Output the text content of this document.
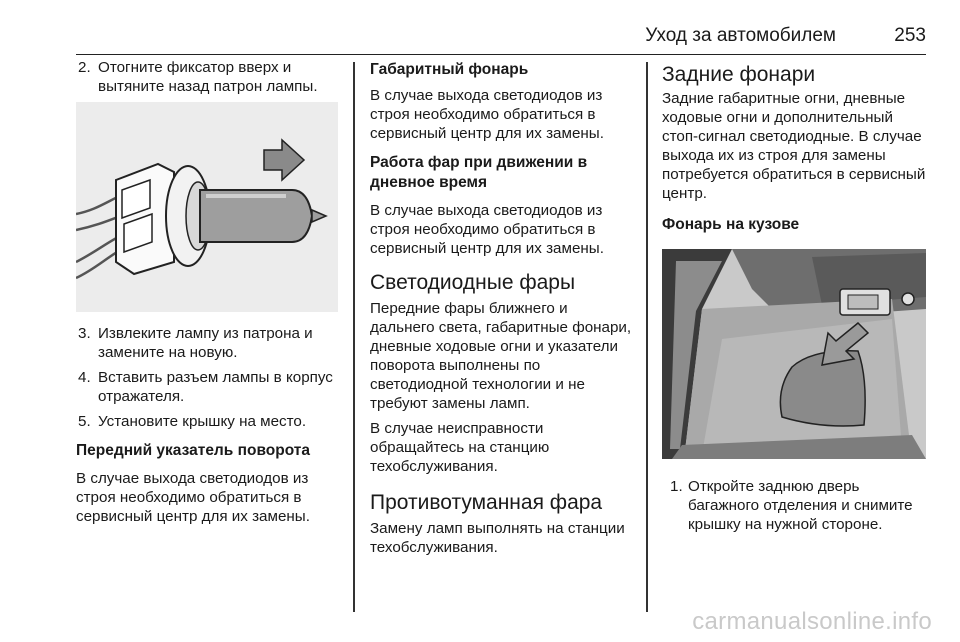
Уход за автомобилем	253
2. Отогните фиксатор вверх и вытяните назад патрон лампы.
3. Извлеките лампу из патрона и замените на новую.
4. Вставить разъем лампы в корпус отражателя.
5. Установите крышку на место.
Передний указатель поворота

В случае выхода светодиодов из строя необходимо обратиться в сервисный центр для их замены.

Габаритный фонарь

В случае выхода светодиодов из строя необходимо обратиться в сервисный центр для их замены.

Работа фар при движении в дневное время

В случае выхода светодиодов из строя необходимо обратиться в сервисный центр для их замены.

Светодиодные фары

Передние фары ближнего и дальнего света, габаритные фонари, дневные ходовые огни и указатели поворота выполнены по светодиодной технологии и не требуют замены ламп.

В случае неисправности обращайтесь на станцию техобслуживания.

Противотуманная фара

Замену ламп выполнять на станции техобслуживания.

Задние фонари

Задние габаритные огни, дневные ходовые огни и дополнительный стоп-сигнал светодиодные. В случае выхода их из строя для замены потребуется обратиться в сервисный центр.

Фонарь на кузове
1. Откройте заднюю дверь багажного отделения и снимите крышку на нужной стороне.
carmanualsonline.info
